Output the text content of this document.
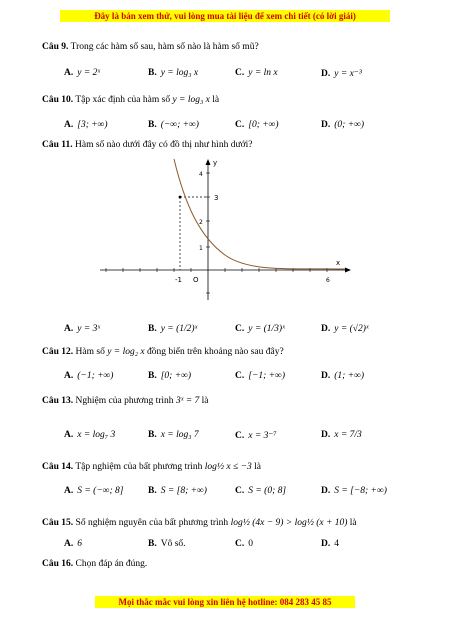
Đây là bản xem thử, vui lòng mua tài liệu để xem chi tiết (có lời giải)
Câu 9. Trong các hàm số sau, hàm số nào là hàm số mũ?
A. y = 2ˣ	B. y = log₃ x	C. y = ln x	D. y = x⁻³
Câu 10. Tập xác định của hàm số y = log₃ x là
A. [3; +∞)	B. (−∞; +∞)	C. [0; +∞)	D. (0; +∞)
Câu 11. Hàm số nào dưới đây có đồ thị như hình dưới?
y
x
4
3
2
1
-1 O	6
A. y = 3ˣ	B. y = (1/2)ˣ	C. y = (1/3)ˣ	D. y = (√2)ˣ
Câu 12. Hàm số y = log₂ x đồng biến trên khoảng nào sau đây?
A. (−1; +∞)	B. [0; +∞)	C. [−1; +∞)	D. (1; +∞)
Câu 13. Nghiệm của phương trình 3ˣ = 7 là
A. x = log₇ 3	B. x = log₃ 7	C. x = 3⁻⁷	D. x = 7/3
Câu 14. Tập nghiệm của bất phương trình log½ x ≤ −3 là
A. S = (−∞; 8]	B. S = [8; +∞)	C. S = (0; 8]	D. S = [−8; +∞)
Câu 15. Số nghiệm nguyên của bất phương trình log½ (4x − 9) > log½ (x + 10) là
A. 6	B. Vô số.	C. 0	D. 4
Câu 16. Chọn đáp án đúng.
Mọi thắc mắc vui lòng xin liên hệ hotline: 084 283 45 85
